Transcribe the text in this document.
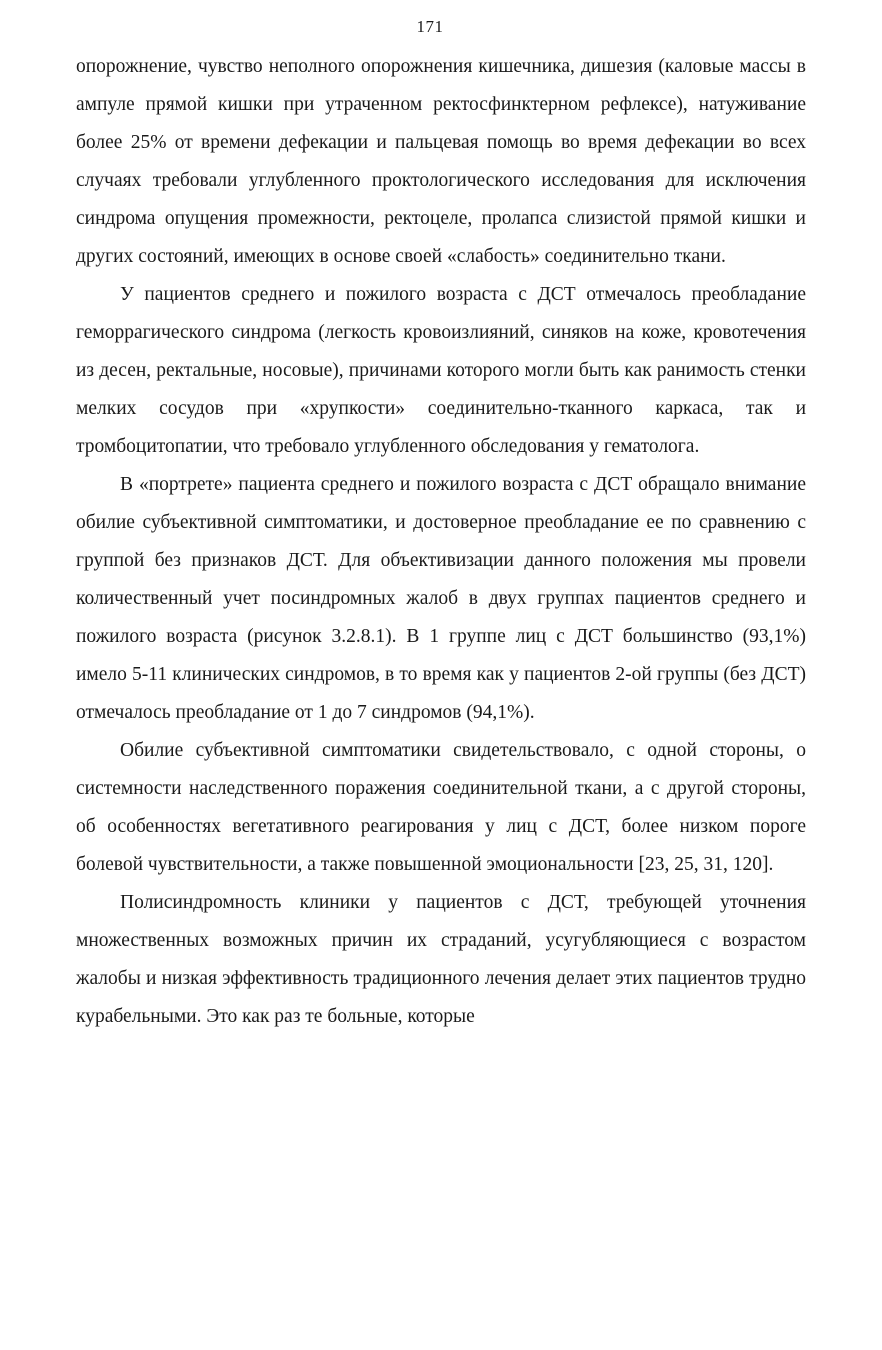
171

опорожнение, чувство неполного опорожнения кишечника, дишезия (каловые массы в ампуле прямой кишки при утраченном ректосфинктерном рефлексе), натуживание более 25% от времени дефекации и пальцевая помощь во время дефекации во всех случаях требовали углубленного проктологического исследования для исключения синдрома опущения промежности, ректоцеле, пролапса слизистой прямой кишки и других состояний, имеющих в основе своей «слабость» соединительно ткани.

У пациентов среднего и пожилого возраста с ДСТ отмечалось преобладание геморрагического синдрома (легкость кровоизлияний, синяков на коже, кровотечения из десен, ректальные, носовые), причинами которого могли быть как ранимость стенки мелких сосудов при «хрупкости» соединительно-тканного каркаса, так и тромбоцитопатии, что требовало углубленного обследования у гематолога.

В «портрете» пациента среднего и пожилого возраста с ДСТ обращало внимание обилие субъективной симптоматики, и достоверное преобладание ее по сравнению с группой без признаков ДСТ. Для объективизации данного положения мы провели количественный учет посиндромных жалоб в двух группах пациентов среднего и пожилого возраста (рисунок 3.2.8.1). В 1 группе лиц с ДСТ большинство (93,1%) имело 5-11 клинических синдромов, в то время как у пациентов 2-ой группы (без ДСТ) отмечалось преобладание от 1 до 7 синдромов (94,1%).

Обилие субъективной симптоматики свидетельствовало, с одной стороны, о системности наследственного поражения соединительной ткани, а с другой стороны, об особенностях вегетативного реагирования у лиц с ДСТ, более низком пороге болевой чувствительности, а также повышенной эмоциональности [23, 25, 31, 120].

Полисиндромность клиники у пациентов с ДСТ, требующей уточнения множественных возможных причин их страданий, усугубляющиеся с возрастом жалобы и низкая эффективность традиционного лечения делает этих пациентов трудно курабельными. Это как раз те больные, которые
